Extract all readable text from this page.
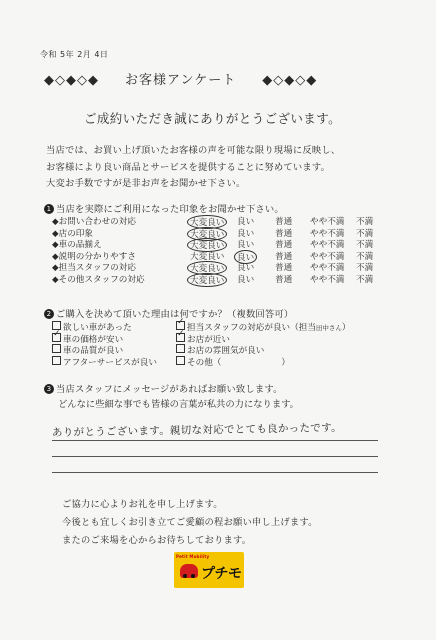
令和 5年 2月 4日
◆◇◆◇◆ お客様アンケート ◆◇◆◇◆
ご成約いただき誠にありがとうございます。
当店では、お買い上げ頂いたお客様の声を可能な限り現場に反映し、
お客様により良い商品とサービスを提供することに努めています。
大変お手数ですが是非お声をお聞かせ下さい。
1 当店を実際にご利用になった印象をお聞かせ下さい。
◆お問い合わせの対応	大変良い	良い 普通 やや不満 不満
◆店の印象	大変良い	良い 普通 やや不満 不満
◆車の品揃え	大変良い	良い 普通 やや不満 不満
◆説明の分かりやすさ	大変良い	良い	普通 やや不満 不満
◆担当スタッフの対応	大変良い	良い 普通 やや不満 不満
◆その他スタッフの対応	大変良い	良い 普通 やや不満 不満
2 ご購入を決めて頂いた理由は何ですか？（複数回答可）
欲しい車があった
✓車の価格が安い
車の品質が良い
アフターサービスが良い
✓担当スタッフの対応が良い（担当田中さん）
✓お店が近い
お店の雰囲気が良い
その他（	）
3 当店スタッフにメッセージがあればお願い致します。
どんなに些細な事でも皆様の言葉が私共の力になります。
ありがとうございます。親切な対応でとても良かったです。
ご協力に心よりお礼を申し上げます。
今後とも宜しくお引き立てご愛顧の程お願い申し上げます。
またのご来場を心からお待ちしております。
Petit Mobility
プチモ
